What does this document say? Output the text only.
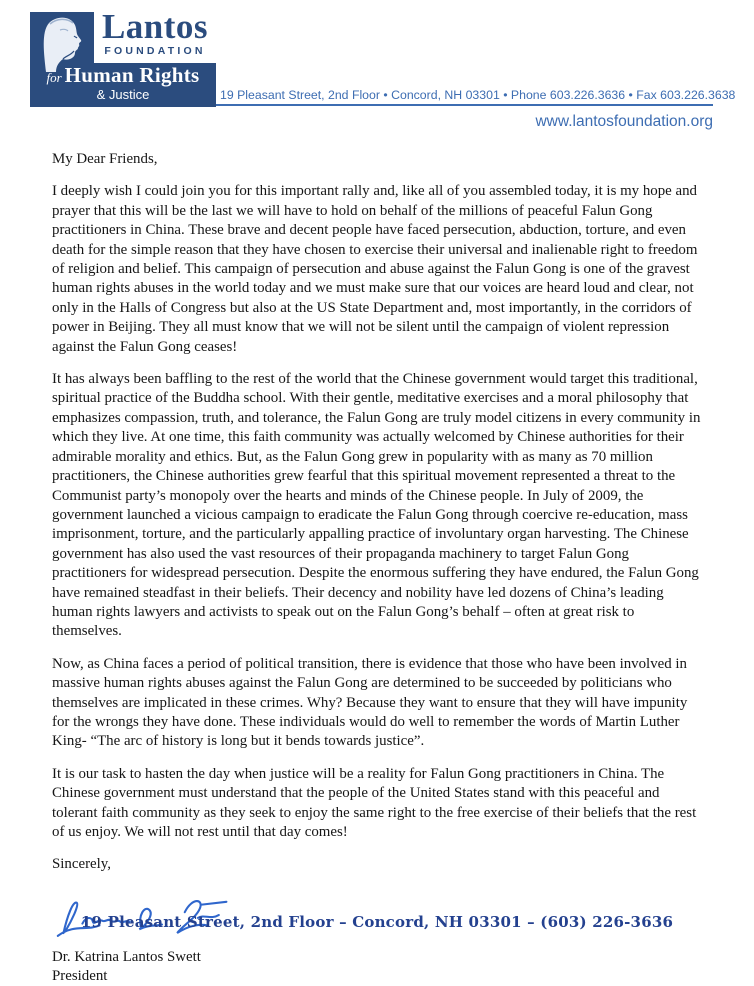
Lantos
FOUNDATION
for Human Rights
& Justice	19 Pleasant Street, 2nd Floor • Concord, NH 03301 • Phone 603.226.3636 • Fax 603.226.3638
www.lantosfoundation.org

My Dear Friends,

I deeply wish I could join you for this important rally and, like all of you assembled today, it is my hope and prayer that this will be the last we will have to hold on behalf of the millions of peaceful Falun Gong practitioners in China. These brave and decent people have faced persecution, abduction, torture, and even death for the simple reason that they have chosen to exercise their universal and inalienable right to freedom of religion and belief. This campaign of persecution and abuse against the Falun Gong is one of the gravest human rights abuses in the world today and we must make sure that our voices are heard loud and clear, not only in the Halls of Congress but also at the US State Department and, most importantly, in the corridors of power in Beijing. They all must know that we will not be silent until the campaign of violent repression against the Falun Gong ceases!

It has always been baffling to the rest of the world that the Chinese government would target this traditional, spiritual practice of the Buddha school. With their gentle, meditative exercises and a moral philosophy that emphasizes compassion, truth, and tolerance, the Falun Gong are truly model citizens in every community in which they live. At one time, this faith community was actually welcomed by Chinese authorities for their admirable morality and ethics. But, as the Falun Gong grew in popularity with as many as 70 million practitioners, the Chinese authorities grew fearful that this spiritual movement represented a threat to the Communist party’s monopoly over the hearts and minds of the Chinese people. In July of 2009, the government launched a vicious campaign to eradicate the Falun Gong through coercive re-education, mass imprisonment, torture, and the particularly appalling practice of involuntary organ harvesting. The Chinese government has also used the vast resources of their propaganda machinery to target Falun Gong practitioners for widespread persecution. Despite the enormous suffering they have endured, the Falun Gong have remained steadfast in their beliefs. Their decency and nobility have led dozens of China’s leading human rights lawyers and activists to speak out on the Falun Gong’s behalf – often at great risk to themselves.

Now, as China faces a period of political transition, there is evidence that those who have been involved in massive human rights abuses against the Falun Gong are determined to be succeeded by politicians who themselves are implicated in these crimes. Why? Because they want to ensure that they will have impunity for the wrongs they have done. These individuals would do well to remember the words of Martin Luther King- “The arc of history is long but it bends towards justice”.

It is our task to hasten the day when justice will be a reality for Falun Gong practitioners in China. The Chinese government must understand that the people of the United States stand with this peaceful and tolerant faith community as they seek to enjoy the same right to the free exercise of their beliefs that the rest of us enjoy. We will not rest until that day comes!

Sincerely,

Dr. Katrina Lantos Swett
President
19 Pleasant Street, 2nd Floor – Concord, NH 03301 – (603) 226-3636
